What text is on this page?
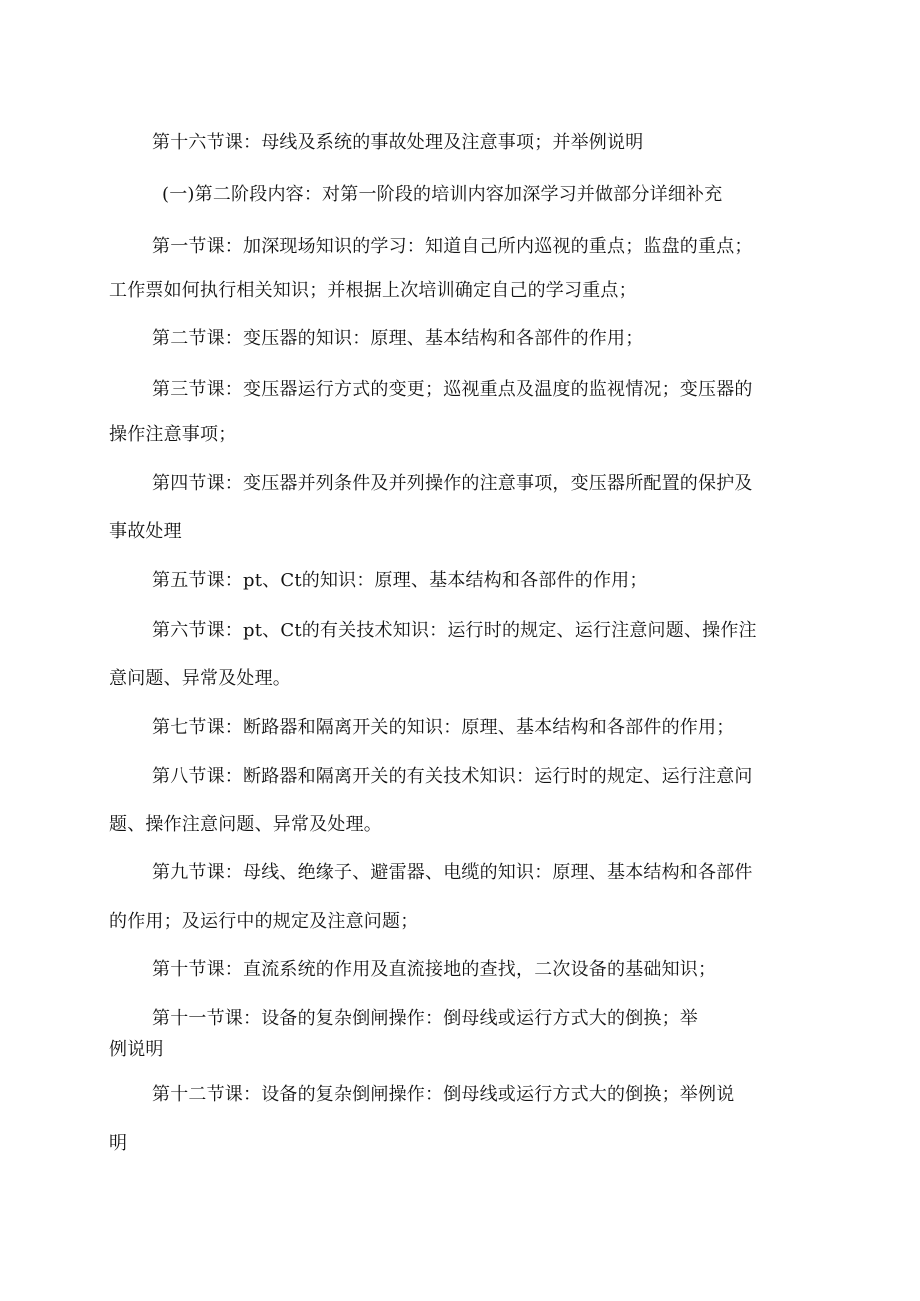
第十六节课：母线及系统的事故处理及注意事项；并举例说明
(一)第二阶段内容：对第一阶段的培训内容加深学习并做部分详细补充
第一节课：加深现场知识的学习：知道自己所内巡视的重点；监盘的重点；
工作票如何执行相关知识；并根据上次培训确定自己的学习重点；
第二节课：变压器的知识：原理、基本结构和各部件的作用；
第三节课：变压器运行方式的变更；巡视重点及温度的监视情况；变压器的
操作注意事项；
第四节课：变压器并列条件及并列操作的注意事项，变压器所配置的保护及
事故处理
第五节课：pt、Ct的知识：原理、基本结构和各部件的作用；
第六节课：pt、Ct的有关技术知识：运行时的规定、运行注意问题、操作注
意问题、异常及处理。
第七节课：断路器和隔离开关的知识：原理、基本结构和各部件的作用；
第八节课：断路器和隔离开关的有关技术知识：运行时的规定、运行注意问
题、操作注意问题、异常及处理。
第九节课：母线、绝缘子、避雷器、电缆的知识：原理、基本结构和各部件
的作用；及运行中的规定及注意问题；
第十节课：直流系统的作用及直流接地的查找，二次设备的基础知识；
第十一节课：设备的复杂倒闸操作：倒母线或运行方式大的倒换；举
例说明
第十二节课：设备的复杂倒闸操作：倒母线或运行方式大的倒换；举例说
明
